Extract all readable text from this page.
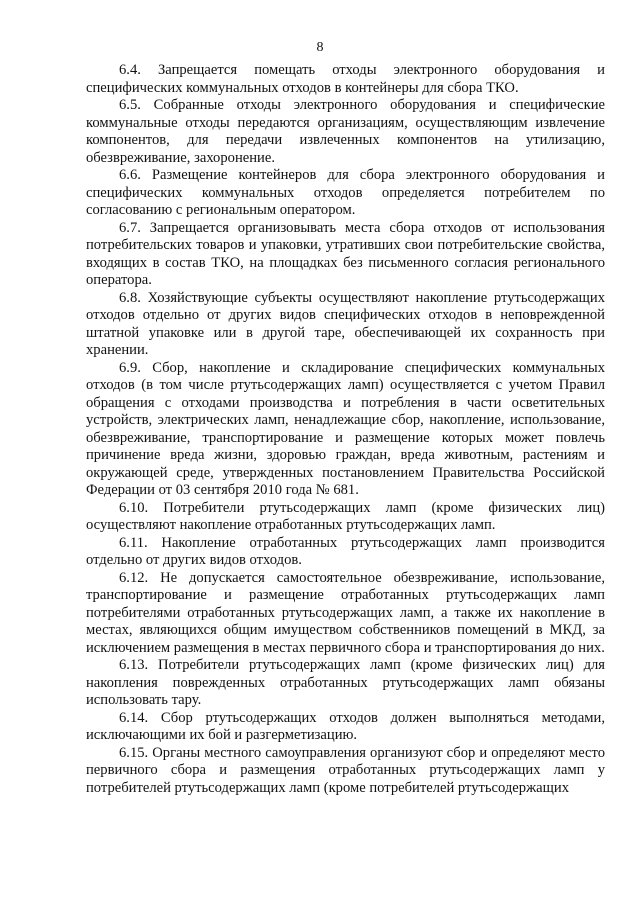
8

6.4. Запрещается помещать отходы электронного оборудования и специфических коммунальных отходов в контейнеры для сбора ТКО.

6.5. Собранные отходы электронного оборудования и специфические коммунальные отходы передаются организациям, осуществляющим извлечение компонентов, для передачи извлеченных компонентов на утилизацию, обезвреживание, захоронение.

6.6. Размещение контейнеров для сбора электронного оборудования и специфических коммунальных отходов определяется потребителем по согласованию с региональным оператором.

6.7. Запрещается организовывать места сбора отходов от использования потребительских товаров и упаковки, утративших свои потребительские свойства, входящих в состав ТКО, на площадках без письменного согласия регионального оператора.

6.8. Хозяйствующие субъекты осуществляют накопление ртутьсодержащих отходов отдельно от других видов специфических отходов в неповрежденной штатной упаковке или в другой таре, обеспечивающей их сохранность при хранении.

6.9. Сбор, накопление и складирование специфических коммунальных отходов (в том числе ртутьсодержащих ламп) осуществляется с учетом Правил обращения с отходами производства и потребления в части осветительных устройств, электрических ламп, ненадлежащие сбор, накопление, использование, обезвреживание, транспортирование и размещение которых может повлечь причинение вреда жизни, здоровью граждан, вреда животным, растениям и окружающей среде, утвержденных постановлением Правительства Российской Федерации от 03 сентября 2010 года № 681.

6.10. Потребители ртутьсодержащих ламп (кроме физических лиц) осуществляют накопление отработанных ртутьсодержащих ламп.

6.11. Накопление отработанных ртутьсодержащих ламп производится отдельно от других видов отходов.

6.12. Не допускается самостоятельное обезвреживание, использование, транспортирование и размещение отработанных ртутьсодержащих ламп потребителями отработанных ртутьсодержащих ламп, а также их накопление в местах, являющихся общим имуществом собственников помещений в МКД, за исключением размещения в местах первичного сбора и транспортирования до них.

6.13. Потребители ртутьсодержащих ламп (кроме физических лиц) для накопления поврежденных отработанных ртутьсодержащих ламп обязаны использовать тару.

6.14. Сбор ртутьсодержащих отходов должен выполняться методами, исключающими их бой и разгерметизацию.

6.15. Органы местного самоуправления организуют сбор и определяют место первичного сбора и размещения отработанных ртутьсодержащих ламп у потребителей ртутьсодержащих ламп (кроме потребителей ртутьсодержащих
